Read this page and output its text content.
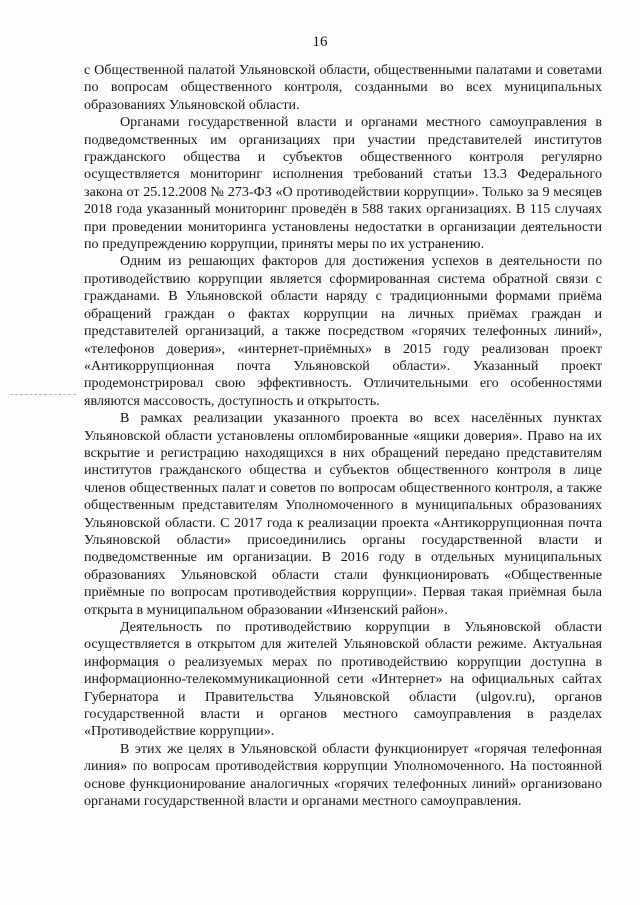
16

с Общественной палатой Ульяновской области, общественными палатами и советами по вопросам общественного контроля, созданными во всех муниципальных образованиях Ульяновской области.

Органами государственной власти и органами местного самоуправления в подведомственных им организациях при участии представителей институтов гражданского общества и субъектов общественного контроля регулярно осуществляется мониторинг исполнения требований статьи 13.3 Федерального закона от 25.12.2008 № 273-ФЗ «О противодействии коррупции». Только за 9 месяцев 2018 года указанный мониторинг проведён в 588 таких организациях. В 115 случаях при проведении мониторинга установлены недостатки в организации деятельности по предупреждению коррупции, приняты меры по их устранению.

Одним из решающих факторов для достижения успехов в деятельности по противодействию коррупции является сформированная система обратной связи с гражданами. В Ульяновской области наряду с традиционными формами приёма обращений граждан о фактах коррупции на личных приёмах граждан и представителей организаций, а также посредством «горячих телефонных линий», «телефонов доверия», «интернет-приёмных» в 2015 году реализован проект «Антикоррупционная почта Ульяновской области». Указанный проект продемонстрировал свою эффективность. Отличительными его особенностями являются массовость, доступность и открытость.

В рамках реализации указанного проекта во всех населённых пунктах Ульяновской области установлены опломбированные «ящики доверия». Право на их вскрытие и регистрацию находящихся в них обращений передано представителям институтов гражданского общества и субъектов общественного контроля в лице членов общественных палат и советов по вопросам общественного контроля, а также общественным представителям Уполномоченного в муниципальных образованиях Ульяновской области. С 2017 года к реализации проекта «Антикоррупционная почта Ульяновской области» присоединились органы государственной власти и подведомственные им организации. В 2016 году в отдельных муниципальных образованиях Ульяновской области стали функционировать «Общественные приёмные по вопросам противодействия коррупции». Первая такая приёмная была открыта в муниципальном образовании «Инзенский район».

Деятельность по противодействию коррупции в Ульяновской области осуществляется в открытом для жителей Ульяновской области режиме. Актуальная информация о реализуемых мерах по противодействию коррупции доступна в информационно-телекоммуникационной сети «Интернет» на официальных сайтах Губернатора и Правительства Ульяновской области (ulgov.ru), органов государственной власти и органов местного самоуправления в разделах «Противодействие коррупции».

В этих же целях в Ульяновской области функционирует «горячая телефонная линия» по вопросам противодействия коррупции Уполномоченного. На постоянной основе функционирование аналогичных «горячих телефонных линий» организовано органами государственной власти и органами местного самоуправления.
